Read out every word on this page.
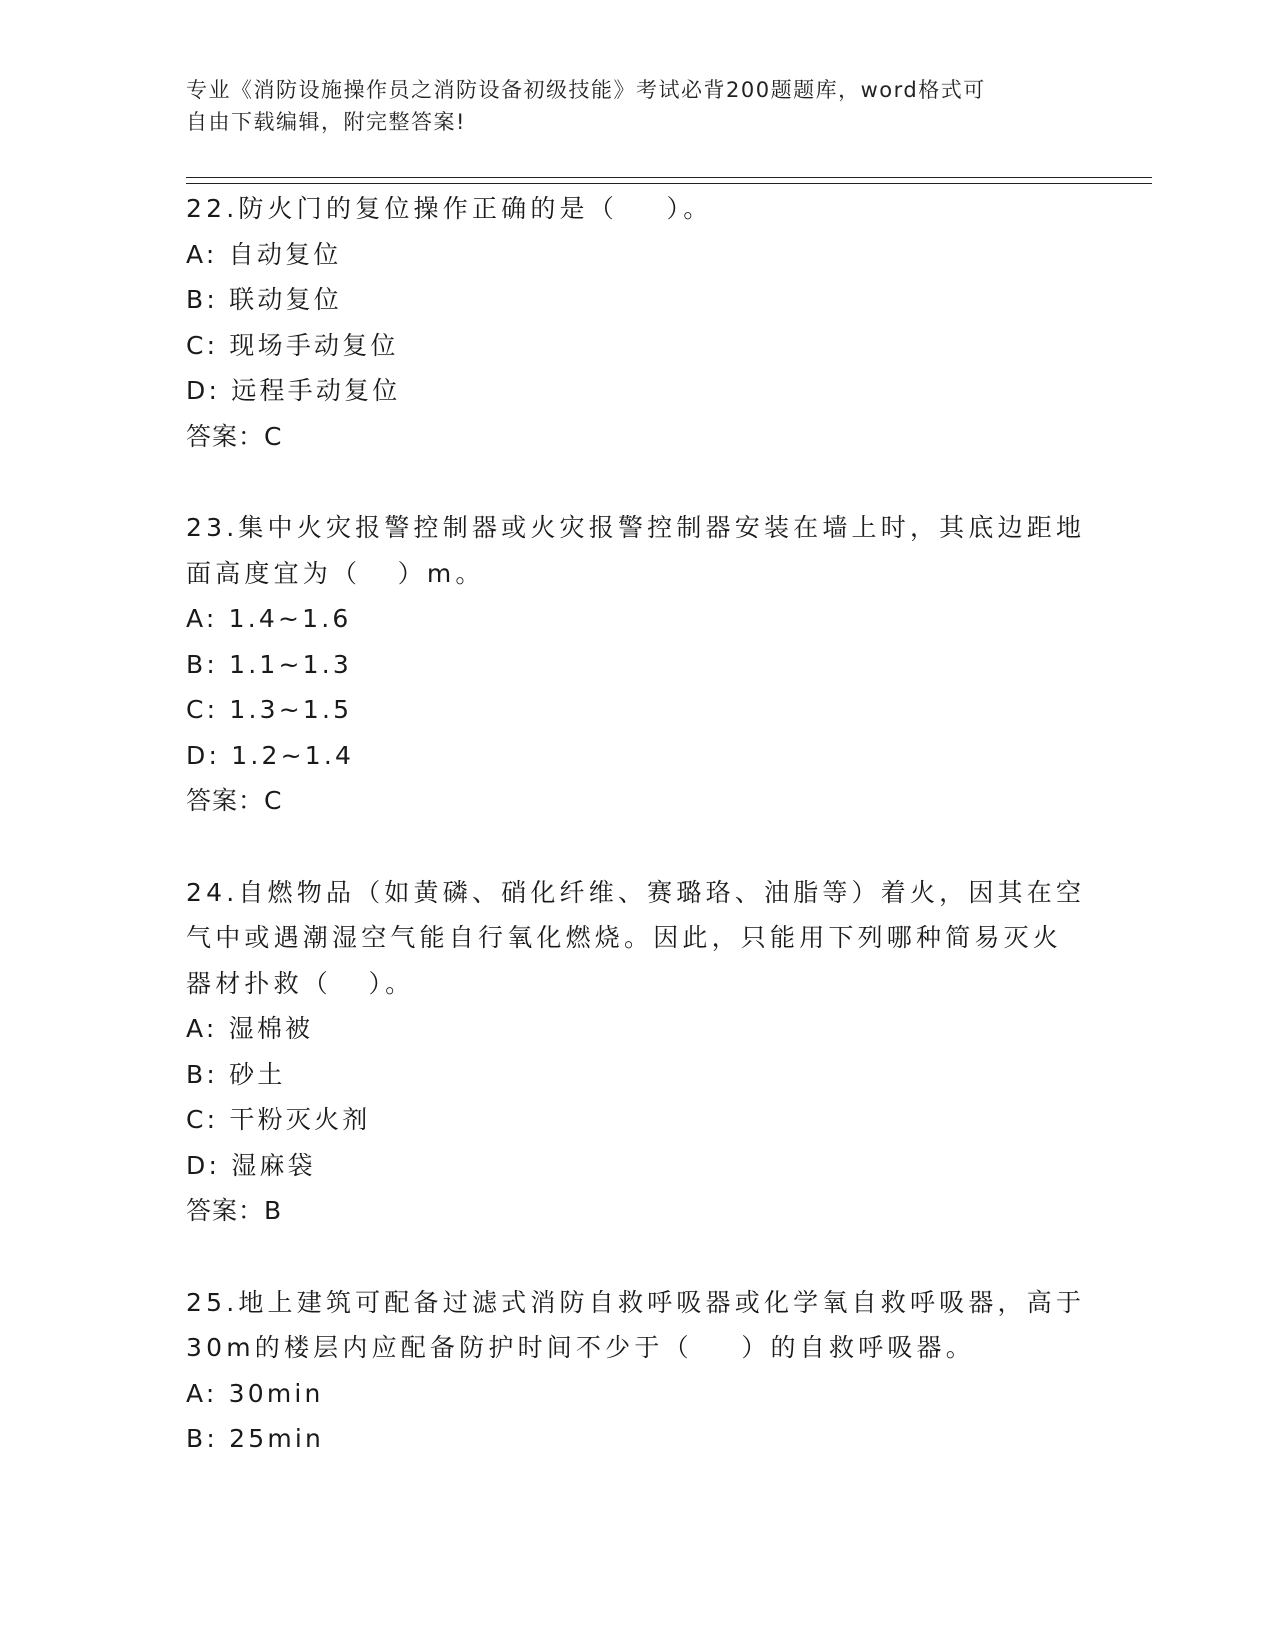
专业《消防设施操作员之消防设备初级技能》考试必背200题题库，word格式可
自由下载编辑，附完整答案!
22.防火门的复位操作正确的是（    ）。
A: 自动复位
B: 联动复位
C: 现场手动复位
D: 远程手动复位
答案：C
23.集中火灾报警控制器或火灾报警控制器安装在墙上时，其底边距地
面高度宜为（   ）m。
A: 1.4~1.6
B: 1.1~1.3
C: 1.3~1.5
D: 1.2~1.4
答案：C
24.自燃物品（如黄磷、硝化纤维、赛璐珞、油脂等）着火，因其在空
气中或遇潮湿空气能自行氧化燃烧。因此，只能用下列哪种简易灭火
器材扑救（   ）。
A: 湿棉被
B: 砂土
C: 干粉灭火剂
D: 湿麻袋
答案：B
25.地上建筑可配备过滤式消防自救呼吸器或化学氧自救呼吸器，高于
30m的楼层内应配备防护时间不少于（    ）的自救呼吸器。
A: 30min
B: 25min
